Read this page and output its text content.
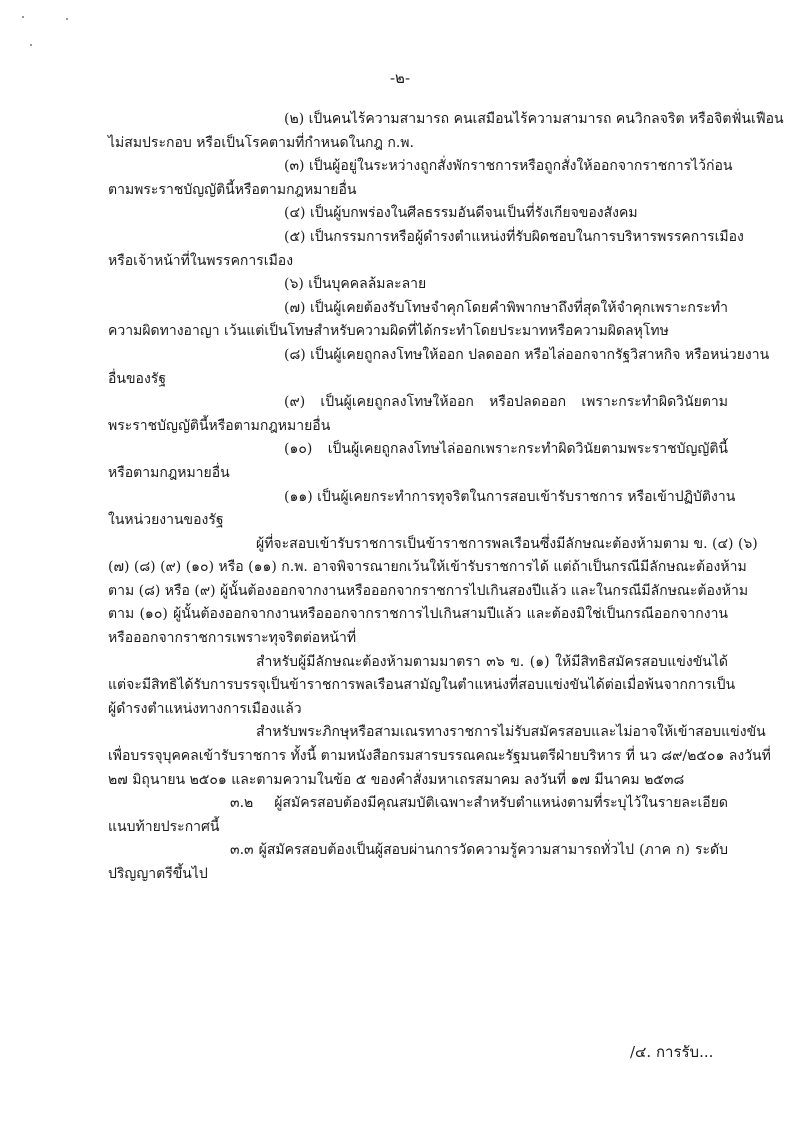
-๒-
(๒) เป็นคนไร้ความสามารถ คนเสมือนไร้ความสามารถ คนวิกลจริต หรือจิตฟั่นเฟือน
ไม่สมประกอบ หรือเป็นโรคตามที่กำหนดในกฎ ก.พ.
(๓) เป็นผู้อยู่ในระหว่างถูกสั่งพักราชการหรือถูกสั่งให้ออกจากราชการไว้ก่อน
ตามพระราชบัญญัตินี้หรือตามกฎหมายอื่น
(๔) เป็นผู้บกพร่องในศีลธรรมอันดีจนเป็นที่รังเกียจของสังคม
(๕) เป็นกรรมการหรือผู้ดำรงตำแหน่งที่รับผิดชอบในการบริหารพรรคการเมือง
หรือเจ้าหน้าที่ในพรรคการเมือง
(๖) เป็นบุคคลล้มละลาย
(๗) เป็นผู้เคยต้องรับโทษจำคุกโดยคำพิพากษาถึงที่สุดให้จำคุกเพราะกระทำ
ความผิดทางอาญา เว้นแต่เป็นโทษสำหรับความผิดที่ได้กระทำโดยประมาทหรือความผิดลหุโทษ
(๘) เป็นผู้เคยถูกลงโทษให้ออก ปลดออก หรือไล่ออกจากรัฐวิสาหกิจ หรือหน่วยงาน
อื่นของรัฐ
(๙) เป็นผู้เคยถูกลงโทษให้ออก หรือปลดออก เพราะกระทำผิดวินัยตาม
พระราชบัญญัตินี้หรือตามกฎหมายอื่น
(๑๐) เป็นผู้เคยถูกลงโทษไล่ออกเพราะกระทำผิดวินัยตามพระราชบัญญัตินี้
หรือตามกฎหมายอื่น
(๑๑) เป็นผู้เคยกระทำการทุจริตในการสอบเข้ารับราชการ หรือเข้าปฏิบัติงาน
ในหน่วยงานของรัฐ
ผู้ที่จะสอบเข้ารับราชการเป็นข้าราชการพลเรือนซึ่งมีลักษณะต้องห้ามตาม ข. (๔) (๖)
(๗) (๘) (๙) (๑๐) หรือ (๑๑) ก.พ. อาจพิจารณายกเว้นให้เข้ารับราชการได้ แต่ถ้าเป็นกรณีมีลักษณะต้องห้าม
ตาม (๘) หรือ (๙) ผู้นั้นต้องออกจากงานหรือออกจากราชการไปเกินสองปีแล้ว และในกรณีมีลักษณะต้องห้าม
ตาม (๑๐) ผู้นั้นต้องออกจากงานหรือออกจากราชการไปเกินสามปีแล้ว และต้องมิใช่เป็นกรณีออกจากงาน
หรือออกจากราชการเพราะทุจริตต่อหน้าที่
สำหรับผู้มีลักษณะต้องห้ามตามมาตรา ๓๖ ข. (๑) ให้มีสิทธิสมัครสอบแข่งขันได้
แต่จะมีสิทธิได้รับการบรรจุเป็นข้าราชการพลเรือนสามัญในตำแหน่งที่สอบแข่งขันได้ต่อเมื่อพ้นจากการเป็น
ผู้ดำรงตำแหน่งทางการเมืองแล้ว
สำหรับพระภิกษุหรือสามเณรทางราชการไม่รับสมัครสอบและไม่อาจให้เข้าสอบแข่งขัน
เพื่อบรรจุบุคคลเข้ารับราชการ ทั้งนี้ ตามหนังสือกรมสารบรรณคณะรัฐมนตรีฝ่ายบริหาร ที่ นว ๘๙/๒๕๐๑ ลงวันที่
๒๗ มิถุนายน ๒๕๐๑ และตามความในข้อ ๕ ของคำสั่งมหาเถรสมาคม ลงวันที่ ๑๗ มีนาคม ๒๕๓๘
๓.๒ ผู้สมัครสอบต้องมีคุณสมบัติเฉพาะสำหรับตำแหน่งตามที่ระบุไว้ในรายละเอียด
แนบท้ายประกาศนี้
๓.๓ ผู้สมัครสอบต้องเป็นผู้สอบผ่านการวัดความรู้ความสามารถทั่วไป (ภาค ก) ระดับ
ปริญญาตรีขึ้นไป
/๔. การรับ...
